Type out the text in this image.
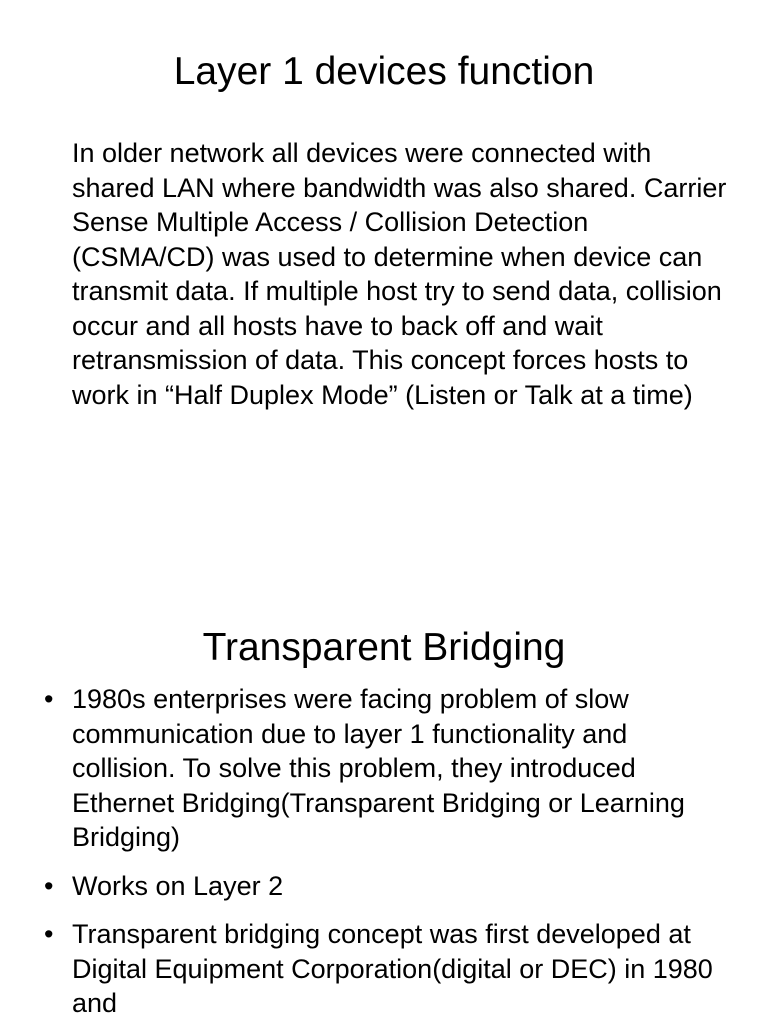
Layer 1 devices function

In older network all devices were connected with shared LAN where bandwidth was also shared. Carrier Sense Multiple Access / Collision Detection (CSMA/CD) was used to determine when device can transmit data. If multiple host try to send data, collision occur and all hosts have to back off and wait retransmission of data. This concept forces hosts to work in “Half Duplex Mode” (Listen or Talk at a time)

Transparent Bridging
• 1980s enterprises were facing problem of slow communication due to layer 1 functionality and collision. To solve this problem, they introduced Ethernet Bridging(Transparent Bridging or Learning Bridging)
• Works on Layer 2
• Transparent bridging concept was first developed at Digital Equipment Corporation(digital or DEC) in 1980 and
